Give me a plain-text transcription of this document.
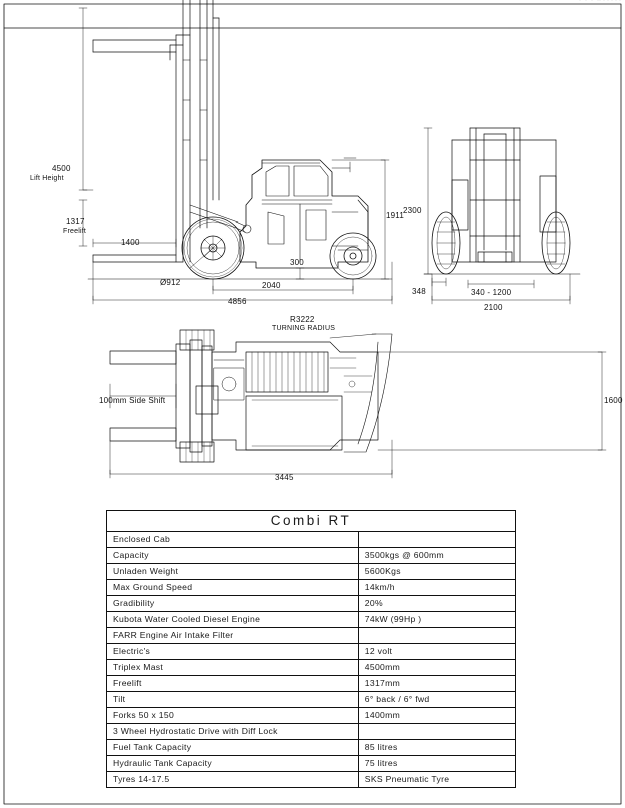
4500
Lift Height
1317
Freelift
1400
Ø912	2040
4856
300
1911
2300
340 - 1200
2100
348
R3222
TURNING RADIUS
100mm Side Shift	1600
3445
Combi RT	
Enclosed Cab	
Capacity	3500kgs @ 600mm
Unladen Weight	5600Kgs
Max Ground Speed	14km/h
Gradibility	20%
Kubota Water Cooled Diesel Engine	74kW (99Hp )
FARR Engine Air Intake Filter	
Electric's	12 volt
Triplex Mast	4500mm
Freelift	1317mm
Tilt	6° back / 6° fwd
Forks 50 x 150	1400mm
3 Wheel Hydrostatic Drive with Diff Lock	
Fuel Tank Capacity	85 litres
Hydraulic Tank Capacity	75 litres
Tyres 14-17.5	SKS Pneumatic Tyre
